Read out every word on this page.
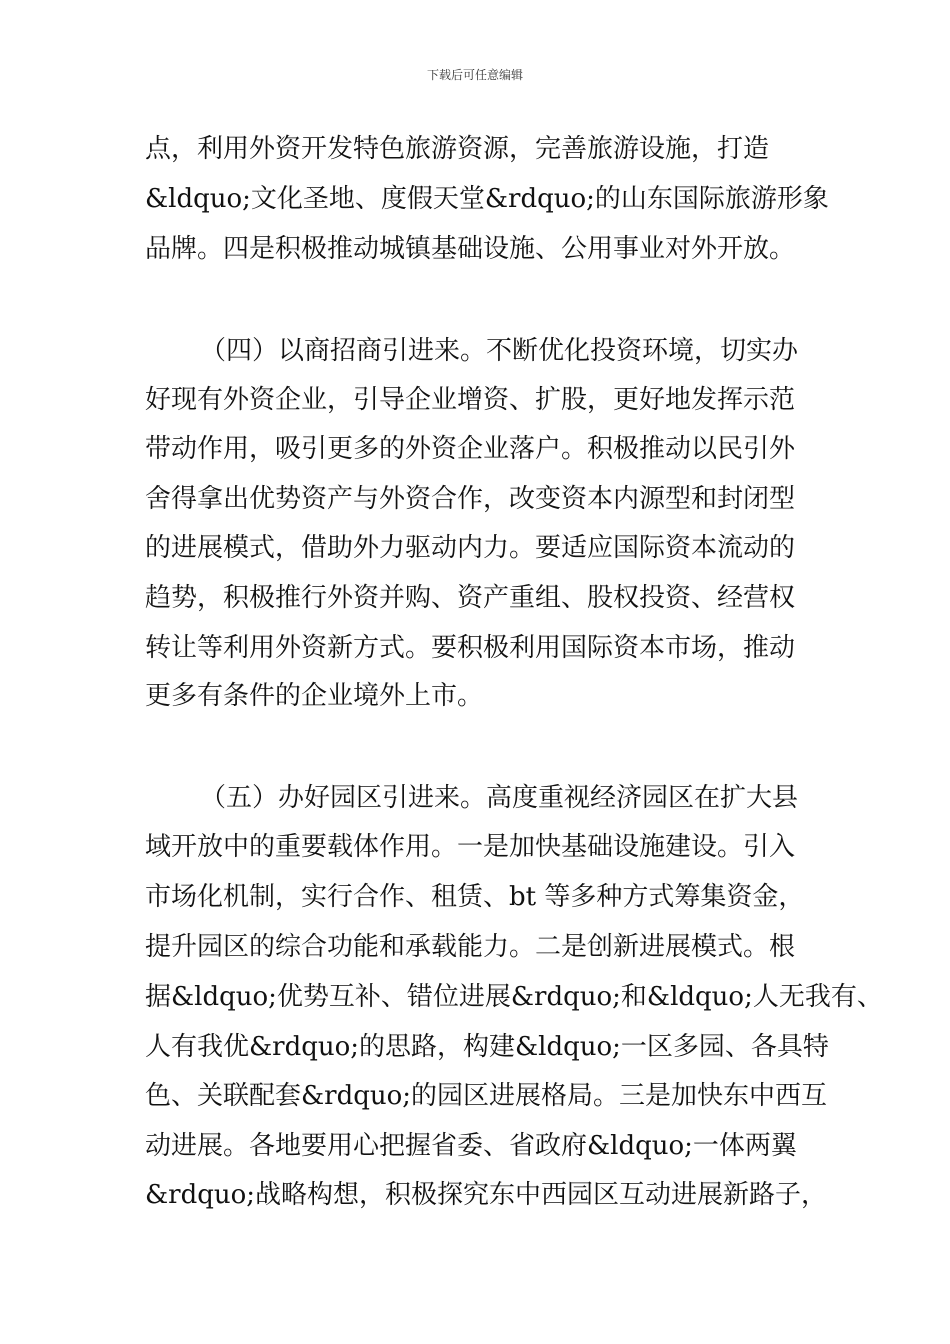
下载后可任意编辑
点，利用外资开发特色旅游资源，完善旅游设施，打造
&ldquo;文化圣地、度假天堂&rdquo;的山东国际旅游形象
品牌。四是积极推动城镇基础设施、公用事业对外开放。
（四）以商招商引进来。不断优化投资环境，切实办
好现有外资企业，引导企业增资、扩股，更好地发挥示范
带动作用，吸引更多的外资企业落户。积极推动以民引外
舍得拿出优势资产与外资合作，改变资本内源型和封闭型
的进展模式，借助外力驱动内力。要适应国际资本流动的
趋势，积极推行外资并购、资产重组、股权投资、经营权
转让等利用外资新方式。要积极利用国际资本市场，推动
更多有条件的企业境外上市。
（五）办好园区引进来。高度重视经济园区在扩大县
域开放中的重要载体作用。一是加快基础设施建设。引入
市场化机制，实行合作、租赁、bt 等多种方式筹集资金，
提升园区的综合功能和承载能力。二是创新进展模式。根
据&ldquo;优势互补、错位进展&rdquo;和&ldquo;人无我有、
人有我优&rdquo;的思路，构建&ldquo;一区多园、各具特
色、关联配套&rdquo;的园区进展格局。三是加快东中西互
动进展。各地要用心把握省委、省政府&ldquo;一体两翼
&rdquo;战略构想，积极探究东中西园区互动进展新路子，
